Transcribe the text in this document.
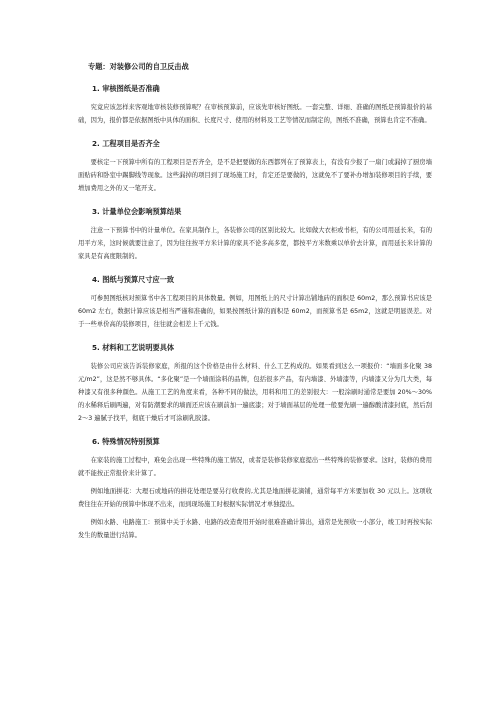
专题：对装修公司的自卫反击战
1. 审核图纸是否准确

究竟应该怎样来客观地审核装修预算呢？在审核预算前，应该先审核好图纸。一套完整、详细、准确的图纸是预算报价的基础，因为，报价都是依据图纸中具体的面积、长度尺寸、使用的材料及工艺等情况而制定的，图纸不准确，预算也肯定不准确。

2. 工程项目是否齐全

要核定一下预算中所有的工程项目是否齐全，是不是把要做的东西都列在了预算表上，有没有少报了一扇门或漏掉了厨房墙面贴砖和卧室中踢脚线等现象。这些漏掉的项目到了现场施工时，肯定还是要做的，这就免不了要补办增加装修项目的手续，要增加费用之外的又一笔开支。

3. 计量单位会影响预算结果

注意一下预算书中的计量单位。在家具制作上，各装修公司的区别比较大。比如做大衣柜或书柜，有的公司用延长米，有的用平方米，这时候就要注意了，因为往往按平方米计算的家具不论多高多宽，都按平方米数乘以单价去计算，而用延长米计算的家具是有高度限制的。

4. 图纸与预算尺寸应一致

可参照图纸核对预算书中各工程项目的具体数量。例如，用图纸上的尺寸计算出铺地砖的面积是 60m2，那么预算书应该是 60m2 左右，数据计算应该是相当严谨和准确的，如果按图纸计算的面积是 60m2，而预算书是 65m2，这就是明显误差。对于一些单价高的装修项目，往往就会相差上千元钱。

5. 材料和工艺说明要具体

装修公司应该告诉装修家庭，所报的这个价格是由什么材料、什么工艺构成的。如果看到这么一项报价：“墙面多化聚 38 元/m2”，这是然不够具体。“多化聚”是一个墙面涂料的品牌，包括很多产品，有内墙漆、外墙漆等，内墙漆又分为几大类，每种漆又有很多种颜色。从施工工艺的角度来看，各种不同的做法，用料和用工的差别很大：一般涂刷时通常是要加 20%～30%的水稀释后刷两遍，对有防潮要求的墙面还应该在刷前加一遍底漆；对于墙面基层的处理一般要先刷一遍醇酸清漆封底，然后刮 2～3 遍腻子找平，彻底干燥后才可涂刷乳胶漆。

6. 特殊情况特别预算

在家装的施工过程中，难免会出现一些特殊的施工情况，或者是装修装修家庭提出一些特殊的装修要求。这时，装修的费用就不能按正常报价来计算了。

例如地面拼花：大理石或地砖的拼花处理是要另行收费的,尤其是地面拼花滴铺，通常每平方米要加收 30 元以上。这项收费往往在开始的预算中体现不出来，而到现场施工时根据实际情况才单独提出。

例如水路、电路施工：预算中关于水路、电路的改造费用开始时很难准确计算出，通常是先预收一小部分，竣工时再按实际发生的数量进行结算。
